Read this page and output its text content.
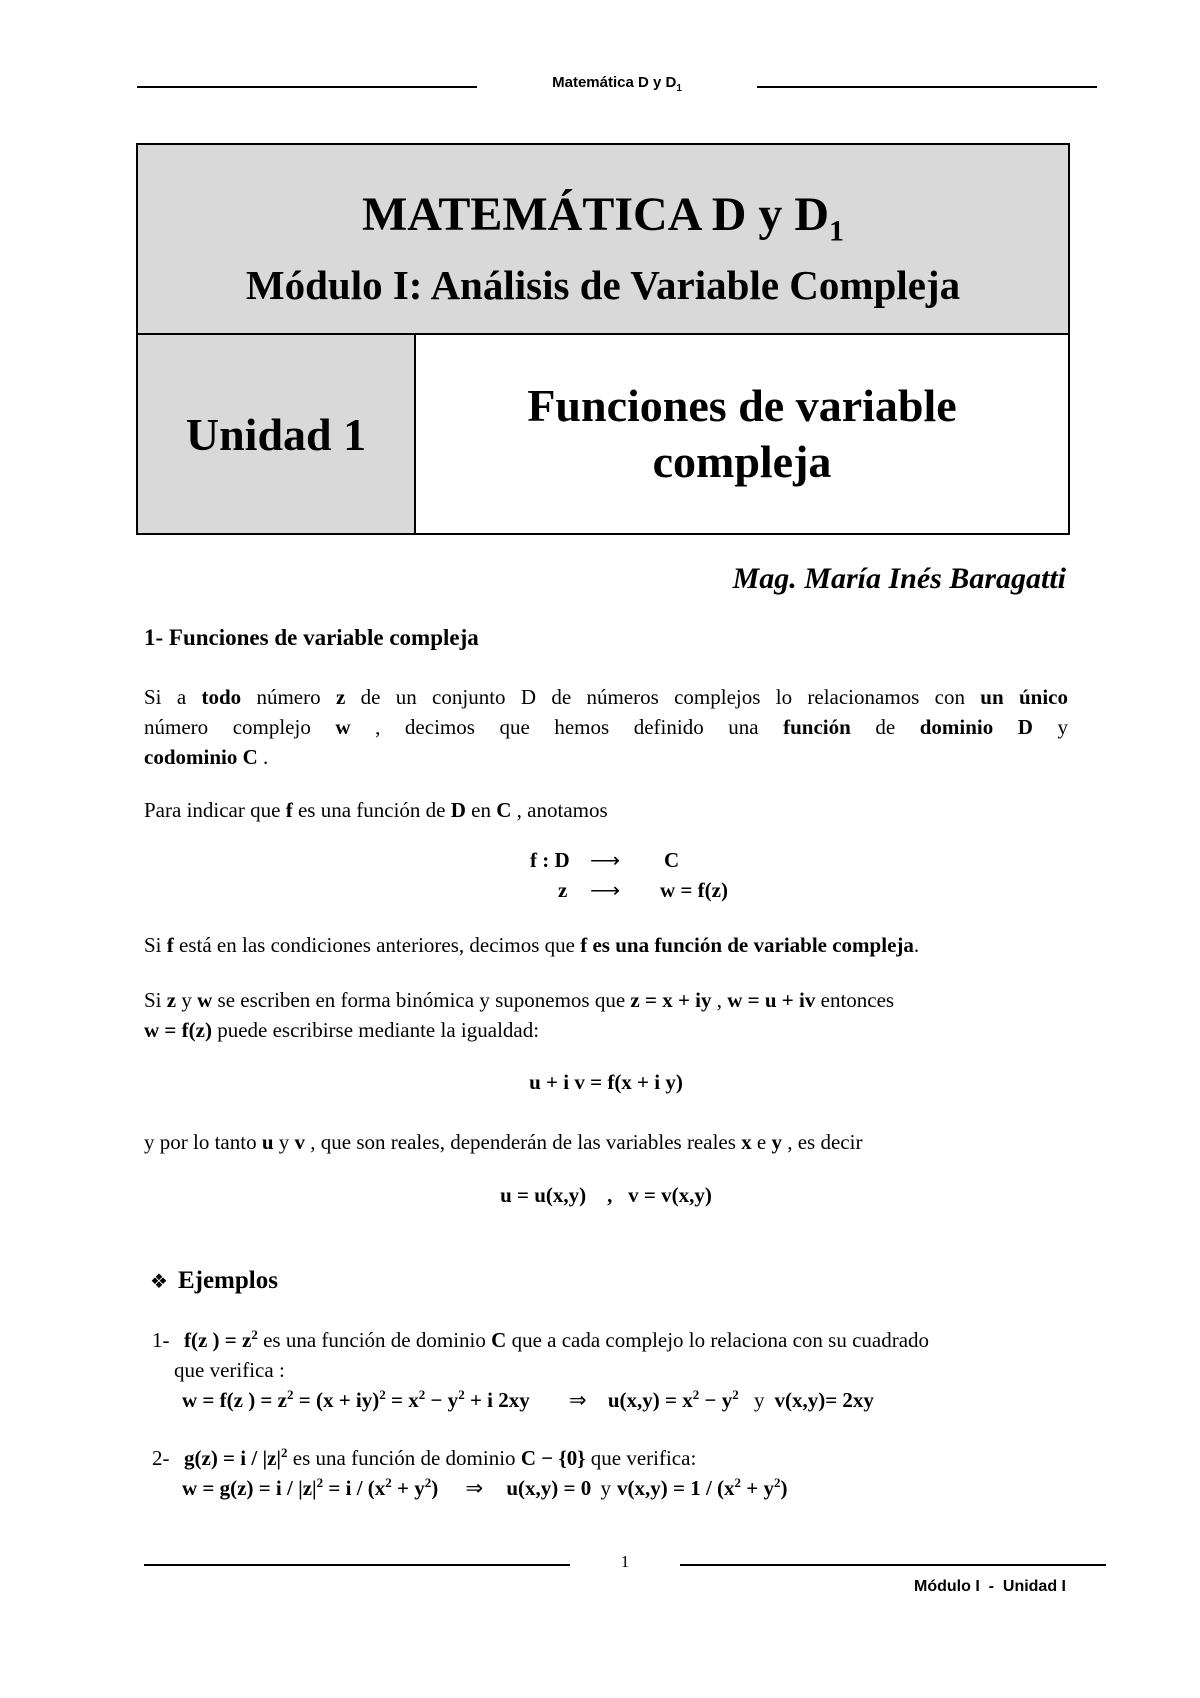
Matemática D y $D_1$
MATEMÁTICA D y $D_1$
Módulo I: Análisis de Variable Compleja
Unidad 1
Funciones de variable
compleja
Mag. María Inés Baragatti
1- Funciones de variable compleja
Si a todo número z de un conjunto D de números complejos lo relacionamos con un único
número complejo w , decimos que hemos definido una función de dominio D y
codominio C .
Para indicar que f es una función de D en C , anotamos
f : D ⟶ C
z ⟶ w = f(z)
Si f está en las condiciones anteriores, decimos que f es una función de variable compleja.
Si z y w se escriben en forma binómica y suponemos que z = x + iy , w = u + iv entonces
w = f(z) puede escribirse mediante la igualdad:
u + i v = f(x + i y)
y por lo tanto u y v , que son reales, dependerán de las variables reales x e y , es decir
u = u(x,y)    ,   v = v(x,y)
❖ Ejemplos
1- f(z ) = $z^2$ es una función de dominio C que a cada complejo lo relaciona con su cuadrado
que verifica :
w = f(z ) = $z^2 = (x + iy)^2 = x^2 - y^2 + i$ 2xy ⇒ $u(x,y) = x^2 - y^2$ y v(x,y)= 2xy
2- $g(z) = i / |z|^2$ es una función de dominio C − {0} que verifica:
$w = g(z) = i / |z|^2 = i / (x^2 + y^2)$ ⇒ u(x,y) = 0 y $v(x,y) = 1 / (x^2 + y^2)$
1
Módulo I  -  Unidad I
